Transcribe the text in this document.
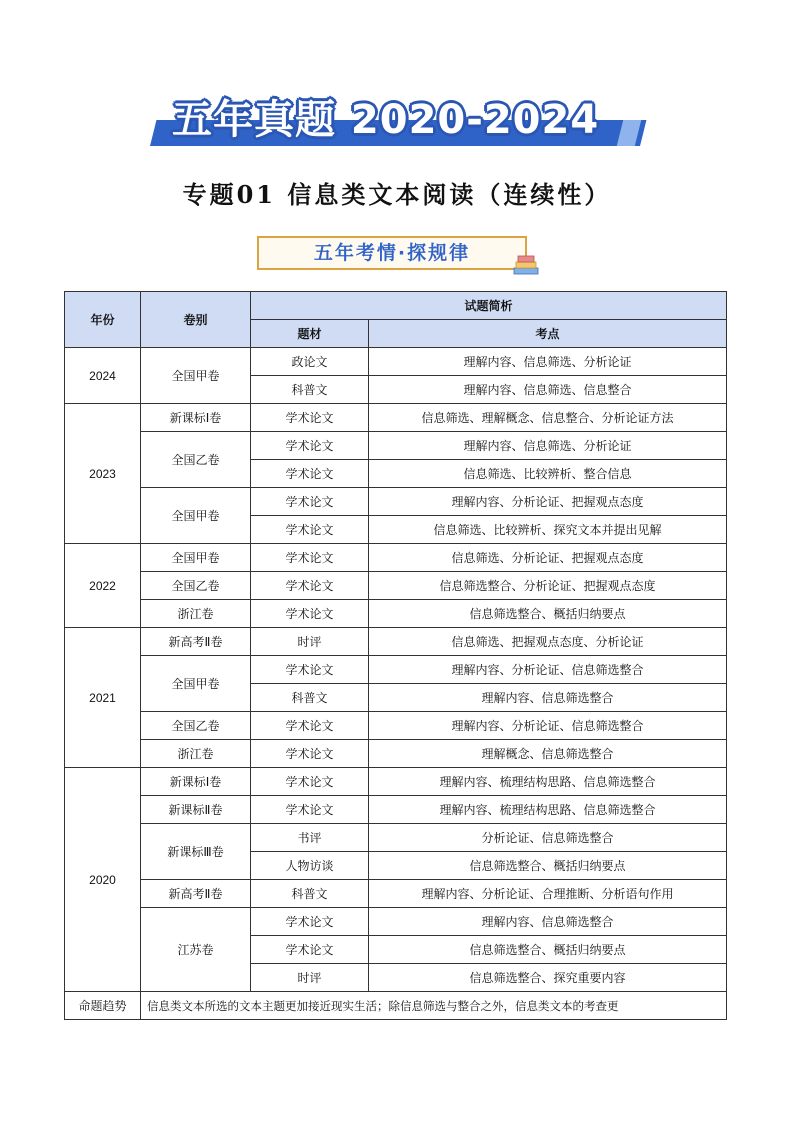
五年真题 2020-2024
专题01 信息类文本阅读（连续性）
五年考情·探规律
年份	卷别	试题简析	
		题材	考点
2024	全国甲卷	政论文	理解内容、信息筛选、分析论证
		科普文	理解内容、信息筛选、信息整合
2023	新课标Ⅰ卷	学术论文	信息筛选、理解概念、信息整合、分析论证方法
	全国乙卷	学术论文	理解内容、信息筛选、分析论证
		学术论文	信息筛选、比较辨析、整合信息
	全国甲卷	学术论文	理解内容、分析论证、把握观点态度
		学术论文	信息筛选、比较辨析、探究文本并提出见解
2022	全国甲卷	学术论文	信息筛选、分析论证、把握观点态度
	全国乙卷	学术论文	信息筛选整合、分析论证、把握观点态度
	浙江卷	学术论文	信息筛选整合、概括归纳要点
2021	新高考Ⅱ卷	时评	信息筛选、把握观点态度、分析论证
	全国甲卷	学术论文	理解内容、分析论证、信息筛选整合
		科普文	理解内容、信息筛选整合
	全国乙卷	学术论文	理解内容、分析论证、信息筛选整合
	浙江卷	学术论文	理解概念、信息筛选整合
2020	新课标Ⅰ卷	学术论文	理解内容、梳理结构思路、信息筛选整合
	新课标Ⅱ卷	学术论文	理解内容、梳理结构思路、信息筛选整合
	新课标Ⅲ卷	书评	分析论证、信息筛选整合
		人物访谈	信息筛选整合、概括归纳要点
	新高考Ⅱ卷	科普文	理解内容、分析论证、合理推断、分析语句作用
	江苏卷	学术论文	理解内容、信息筛选整合
		学术论文	信息筛选整合、概括归纳要点
		时评	信息筛选整合、探究重要内容
命题趋势	信息类文本所选的文本主题更加接近现实生活；除信息筛选与整合之外，信息类文本的考查更		
